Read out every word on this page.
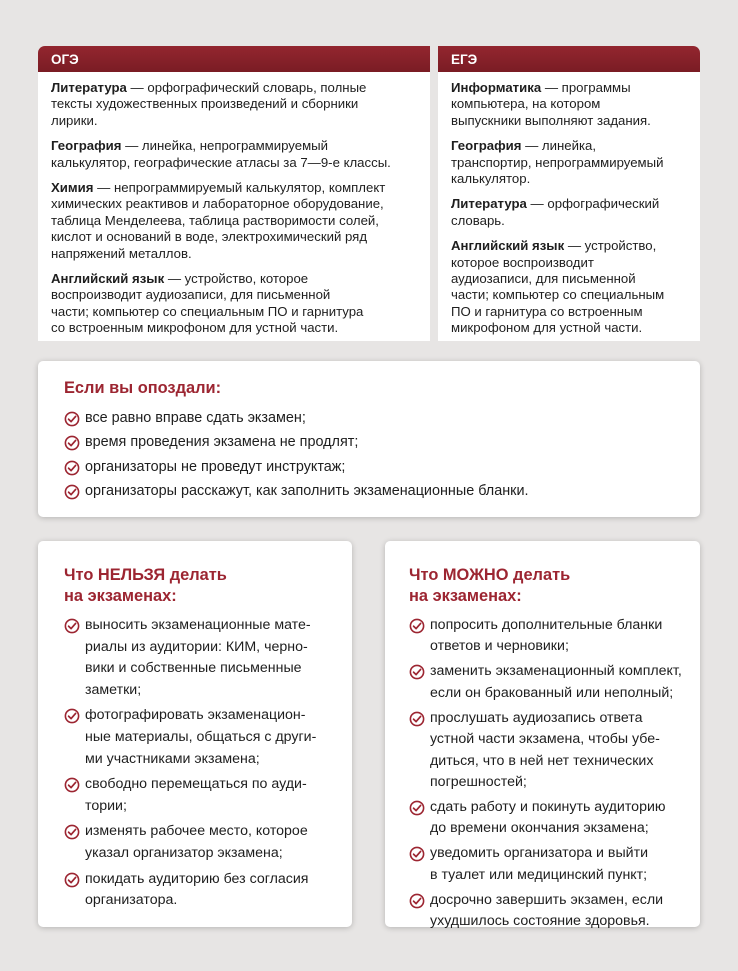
ОГЭ	ЕГЭ
Литература — орфографический словарь, полные
тексты художественных произведений и сборники
лирики.
География — линейка, непрограммируемый
калькулятор, географические атласы за 7—9-е классы.
Химия — непрограммируемый калькулятор, комплект
химических реактивов и лабораторное оборудование,
таблица Менделеева, таблица растворимости солей,
кислот и оснований в воде, электрохимический ряд
напряжений металлов.
Английский язык — устройство, которое
воспроизводит аудиозаписи, для письменной
части; компьютер со специальным ПО и гарнитура
со встроенным микрофоном для устной части.
Информатика — программы
компьютера, на котором
выпускники выполняют задания.
География — линейка,
транспортир, непрограммируемый
калькулятор.
Литература — орфографический
словарь.
Английский язык — устройство,
которое воспроизводит
аудиозаписи, для письменной
части; компьютер со специальным
ПО и гарнитура со встроенным
микрофоном для устной части.
Если вы опоздали:
все равно вправе сдать экзамен;
время проведения экзамена не продлят;
организаторы не проведут инструктаж;
организаторы расскажут, как заполнить экзаменационные бланки.
Что НЕЛЬЗЯ делать
на экзаменах:
выносить экзаменационные мате-
риалы из аудитории: КИМ, черно-
вики и собственные письменные
заметки;
фотографировать экзаменацион-
ные материалы, общаться с други-
ми участниками экзамена;
свободно перемещаться по ауди-
тории;
изменять рабочее место, которое
указал организатор экзамена;
покидать аудиторию без согласия
организатора.
Что МОЖНО делать
на экзаменах:
попросить дополнительные бланки
ответов и черновики;
заменить экзаменационный комплект,
если он бракованный или неполный;
прослушать аудиозапись ответа
устной части экзамена, чтобы убе-
диться, что в ней нет технических
погрешностей;
сдать работу и покинуть аудиторию
до времени окончания экзамена;
уведомить организатора и выйти
в туалет или медицинский пункт;
досрочно завершить экзамен, если
ухудшилось состояние здоровья.
